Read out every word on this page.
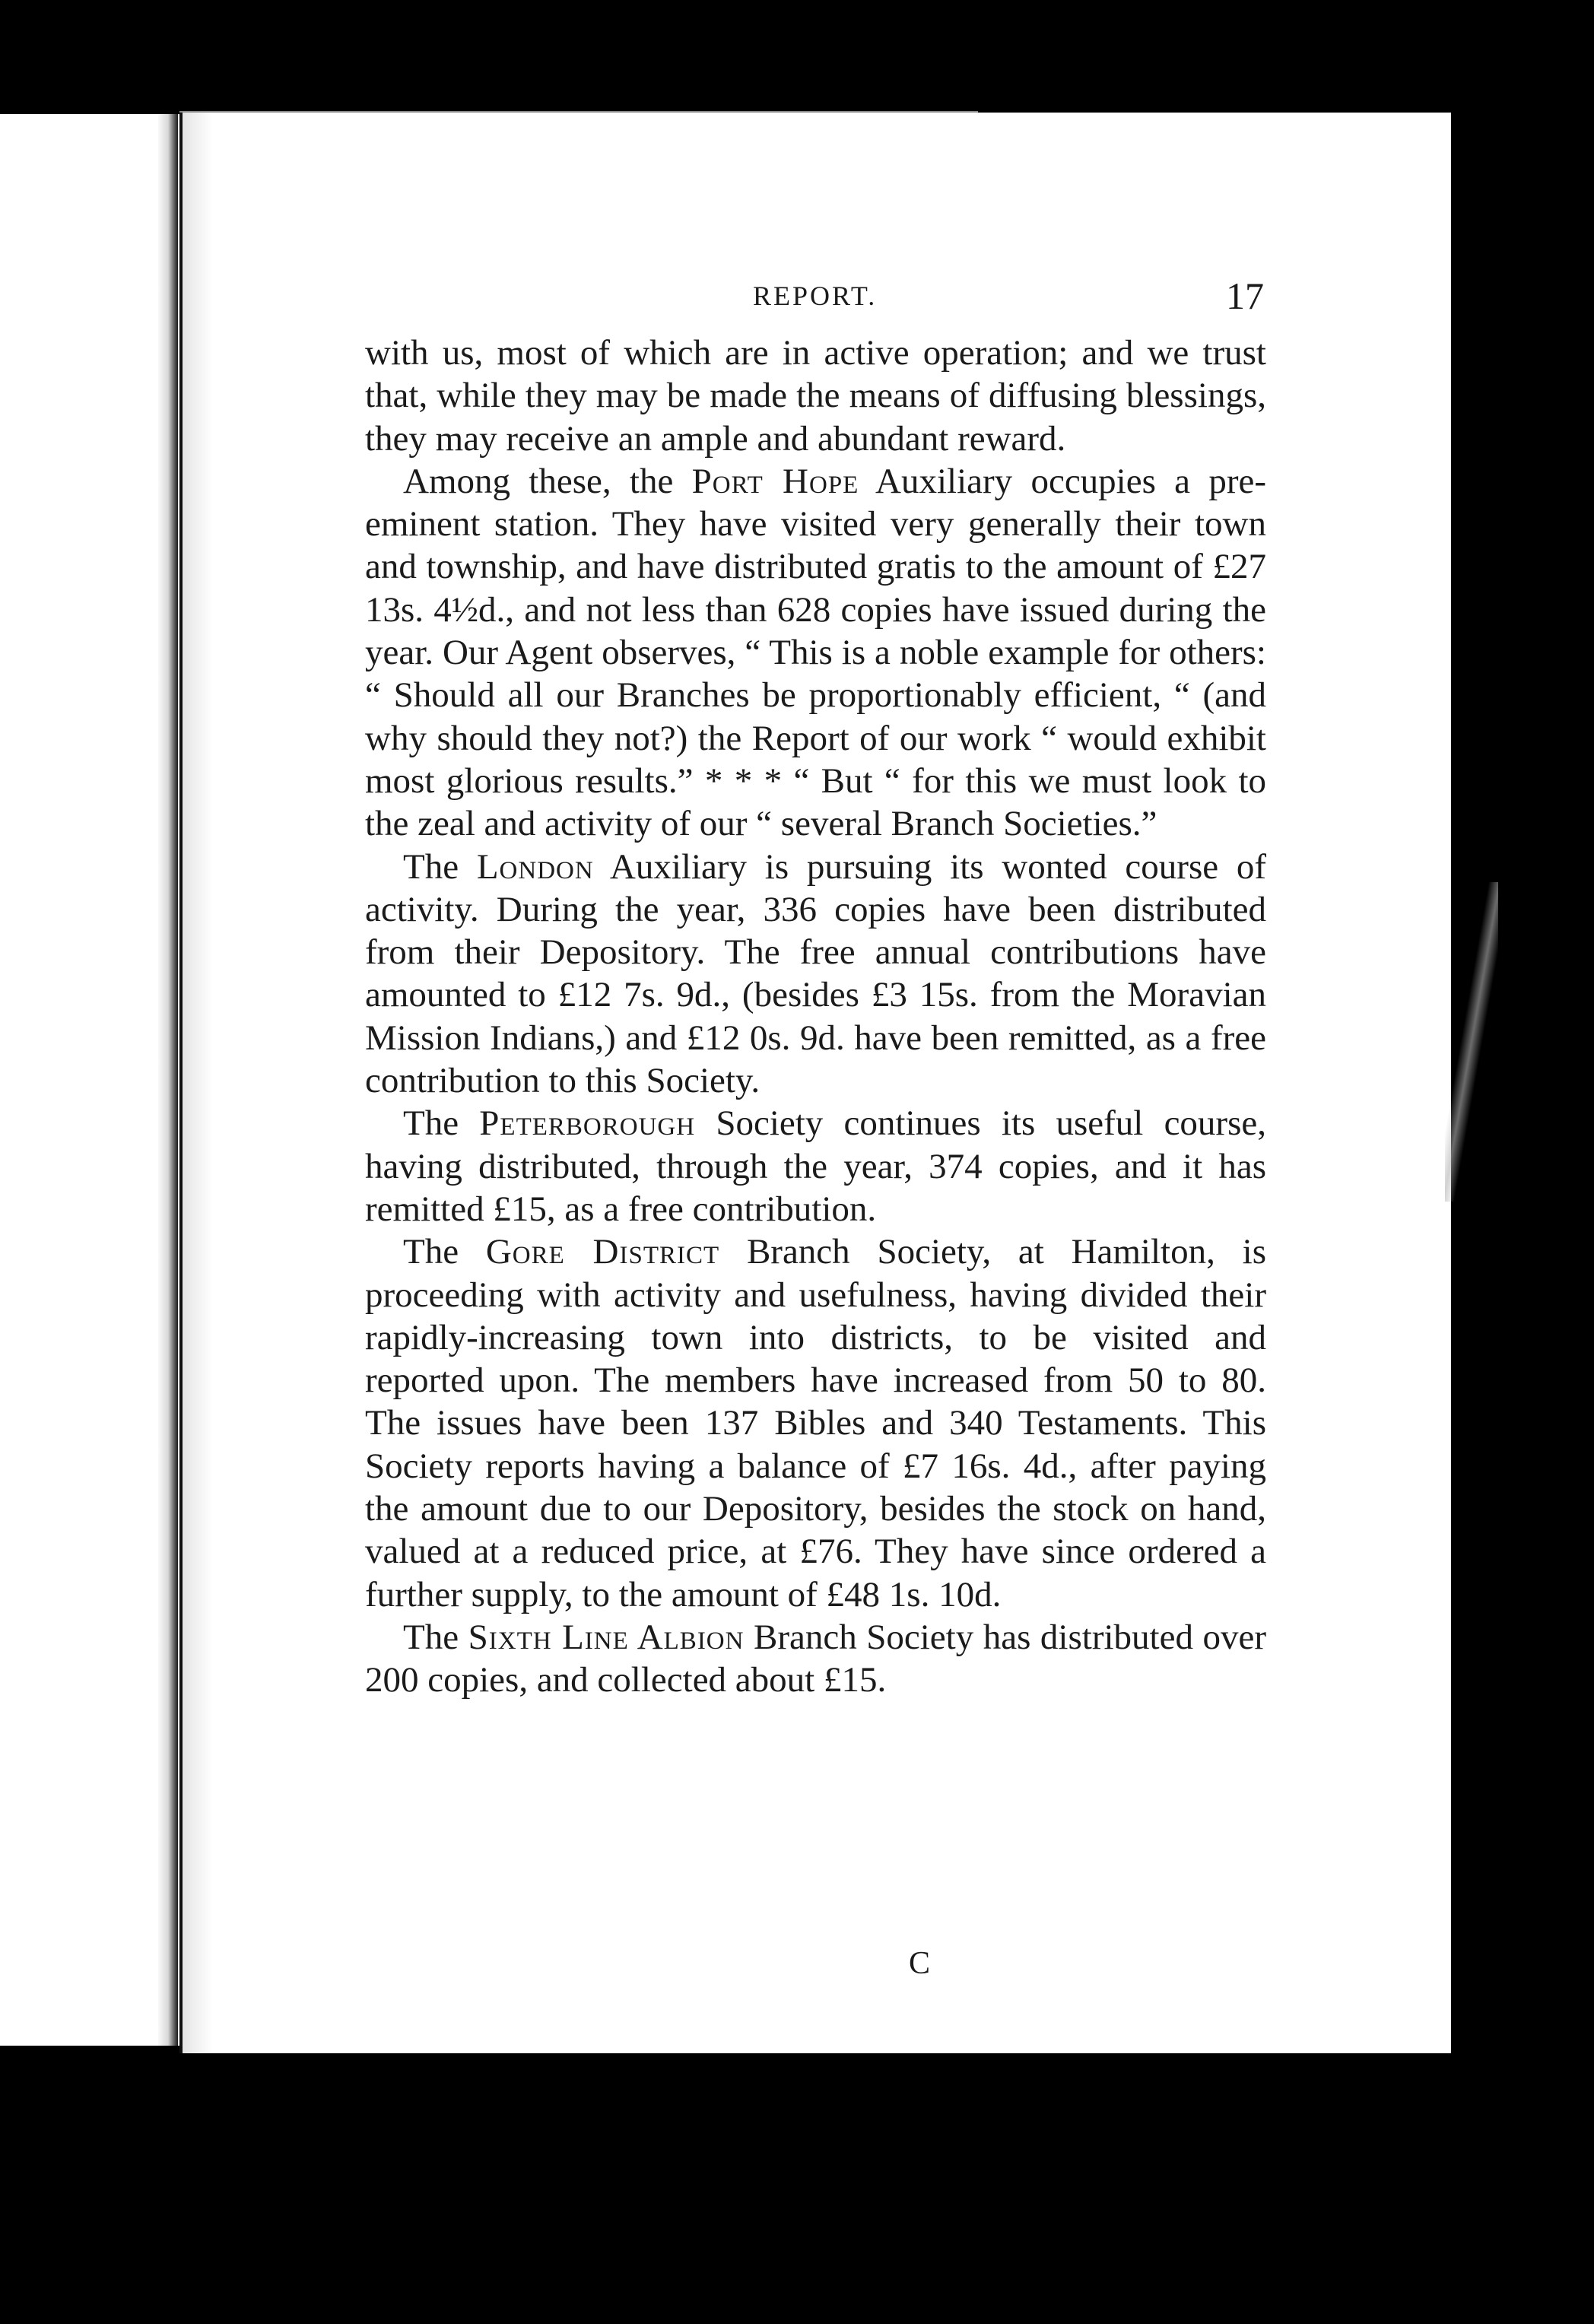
REPORT.	17

with us, most of which are in active operation; and we trust that, while they may be made the means of diffusing blessings, they may receive an ample and abundant reward.

Among these, the Port Hope Auxiliary occupies a pre-eminent station. They have visited very generally their town and township, and have distributed gratis to the amount of £27 13s. 4½d., and not less than 628 copies have issued during the year. Our Agent observes, “ This is a noble example for others: “ Should all our Branches be proportionably efficient, “ (and why should they not?) the Report of our work “ would exhibit most glorious results.” * * * “ But “ for this we must look to the zeal and activity of our “ several Branch Societies.”

The London Auxiliary is pursuing its wonted course of activity. During the year, 336 copies have been distributed from their Depository. The free annual contributions have amounted to £12 7s. 9d., (besides £3 15s. from the Moravian Mission Indians,) and £12 0s. 9d. have been remitted, as a free contribution to this Society.

The Peterborough Society continues its useful course, having distributed, through the year, 374 copies, and it has remitted £15, as a free contribution.

The Gore District Branch Society, at Hamilton, is proceeding with activity and usefulness, having divided their rapidly-increasing town into districts, to be visited and reported upon. The members have increased from 50 to 80. The issues have been 137 Bibles and 340 Testaments. This Society reports having a balance of £7 16s. 4d., after paying the amount due to our Depository, besides the stock on hand, valued at a reduced price, at £76. They have since ordered a further supply, to the amount of £48 1s. 10d.

The Sixth Line Albion Branch Society has distributed over 200 copies, and collected about £15.

C
